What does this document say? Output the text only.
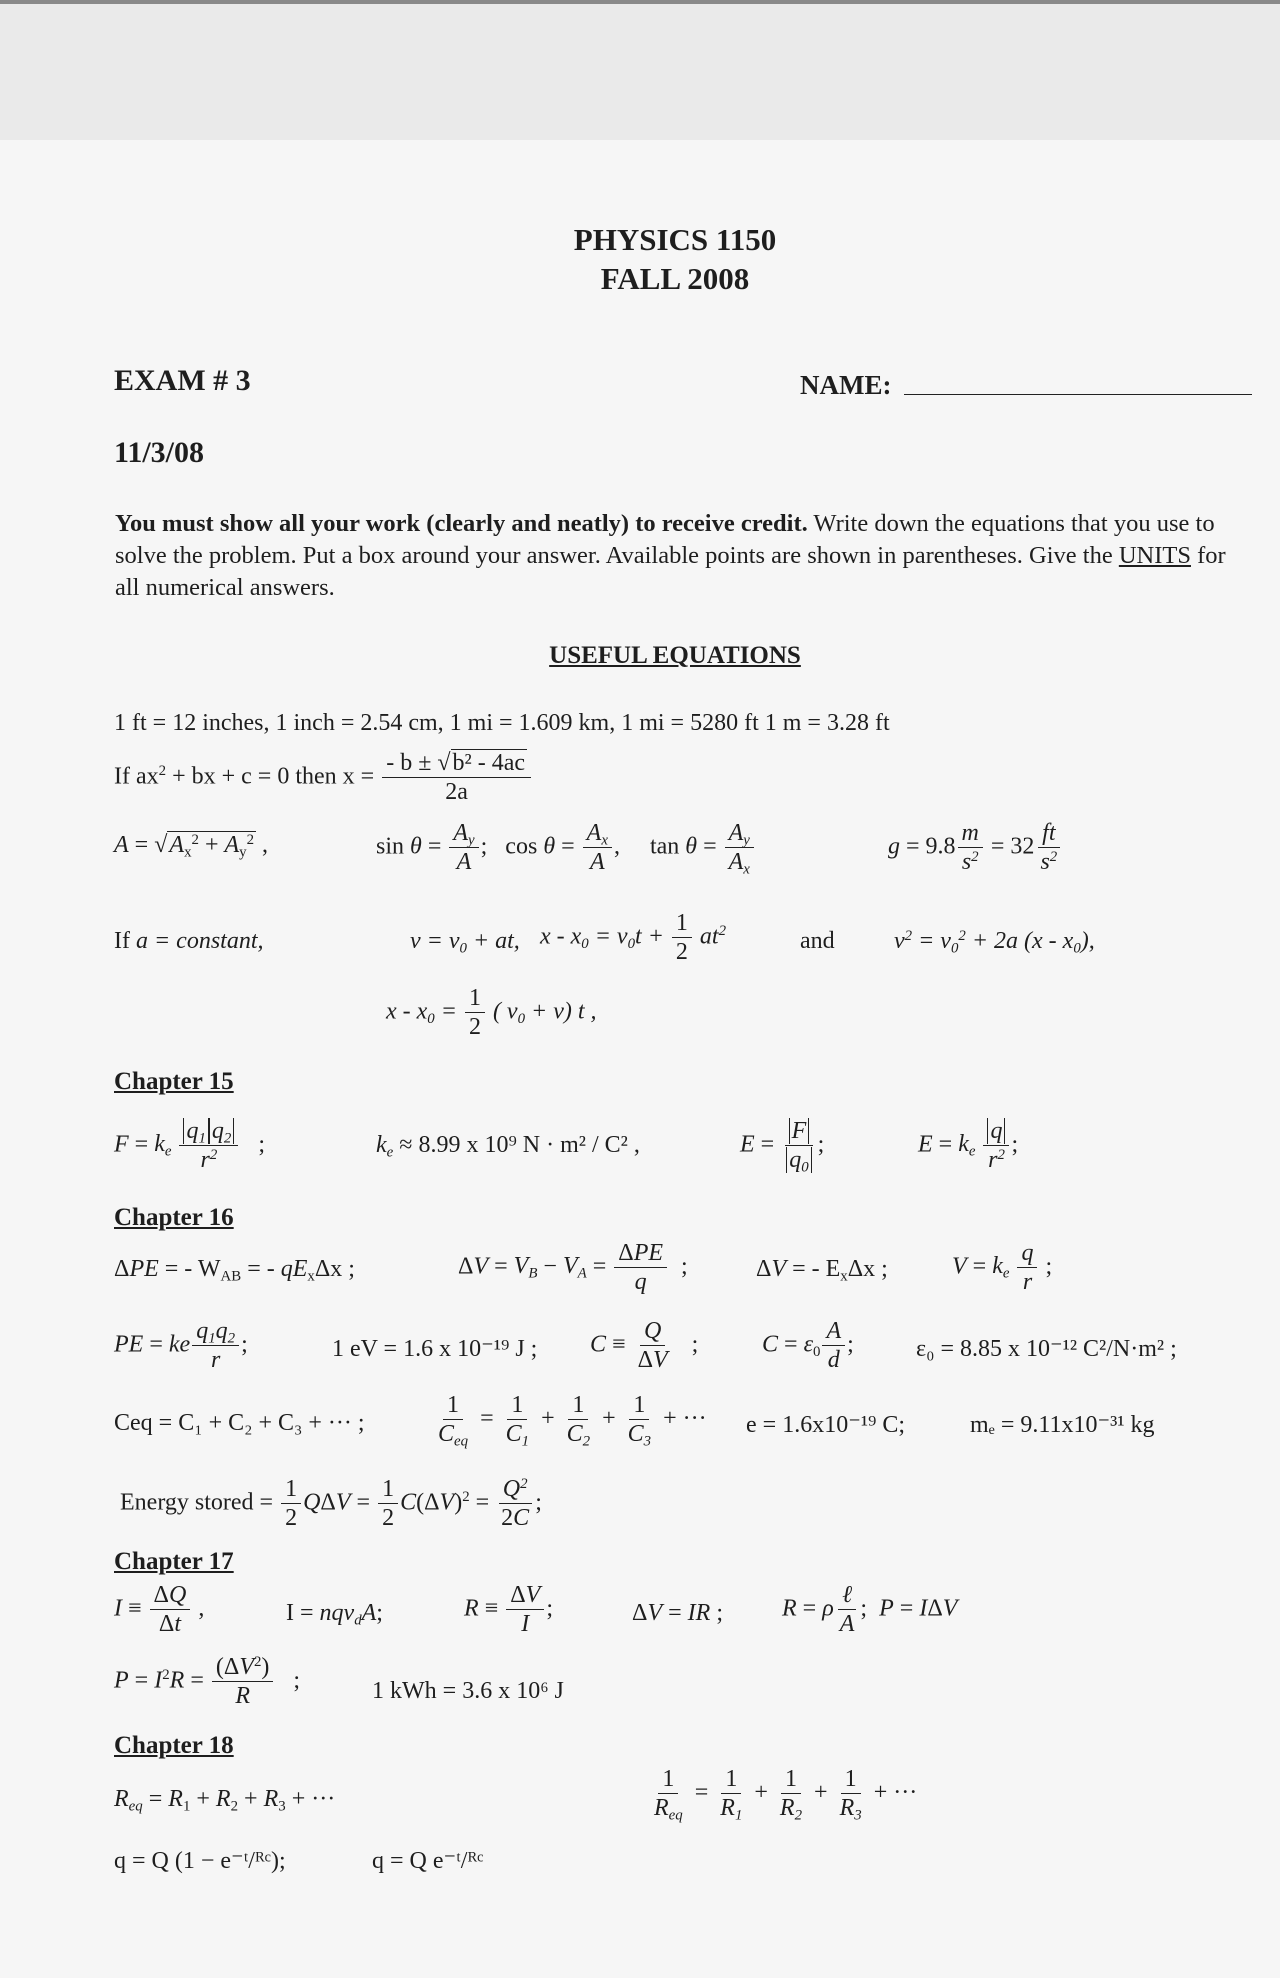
PHYSICS 1150
FALL 2008
EXAM # 3	NAME:
11/3/08
You must show all your work (clearly and neatly) to receive credit. Write down the equations that you use to solve the problem. Put a box around your answer. Available points are shown in parentheses. Give the UNITS for all numerical answers.
USEFUL EQUATIONS
1 ft = 12 inches, 1 inch = 2.54 cm, 1 mi = 1.609 km, 1 mi = 5280 ft 1 m = 3.28 ft
If $ax^2$ + bx + c = 0 then $x = \frac{\text{- b ± √b² - 4ac}}{2a}$
$A = √A_x^2 + A_y^2$ ,	$\sin \theta = \frac{A_y}{A}$ ;   $\cos \theta = \frac{A_x}{A}$ ,     $\tan \theta = \frac{A_y}{A_x}$	$g = 9.8 \frac{m}{s^2} = 32 \frac{ft}{s^2}$
If a = constant,	$v = v_0$ + at, $x - x_0 = v_0t + \frac{1}{2} at^2$	and $v^2 = v_0^2 + 2a$ $(x - x_0)$,
$x - x_0 = \frac{1}{2}$ ( $v_0 + v$) t ,
Chapter 15
$F = k_e \frac{q_1 q_2}{r^2}$ ;	$k_e \approx 8.99$ x 10⁹ N · m² / C² ,	$E = \frac{F}{q_0}$ ;	$E = k_e \frac{q}{r^2}$ ;
Chapter 16
ΔPE = - $W_{AB}$ = - $qE_x\Delta x$ ;	$\Delta V = V_B - V_A = \frac{\text{ΔPE}}{q}$ ;	ΔV = - $E_x\Delta x$ ;	$V = k_e \frac{q}{r}$ ;
PE = ke $\frac{q_1q_2}{r}$ ;	1 eV = 1.6 x 10⁻¹⁹ J ; $C \equiv \frac{Q}{\Delta V}$ ;	$C = \varepsilon_0 \frac{A}{d}$ ;	ε₀ = 8.85 x 10⁻¹² C²/N·m² ;
Ceq = C₁ + C₂ + C₃ + ··· ;	$\frac{1}{C_{eq}} = \frac{1}{C_1} + \frac{1}{C_2} + \frac{1}{C_3}$ + ··· e = 1.6x10⁻¹⁹ C;	mₑ = 9.11x10⁻³¹ kg
Energy stored = $\frac{1}{2}$ $Q\Delta V = \frac{1}{2} C(\Delta V)^2 = \frac{Q^2}{2C}$ ;
Chapter 17
$I \equiv \frac{\Delta Q}{\Delta t}$ ,	I = nqv$_d$A;	$R \equiv \frac{\Delta V}{I}$ ;	ΔV = IR ; R = ρ $\frac{\text{ℓ}}{A}$ ;  P = IΔV
$P = I^2R = \frac{(\Delta V^2)}{R}$ ;	1 kWh = 3.6 x 10⁶ J
Chapter 18
$R_{eq} = R_1 + R_2 + R_3$ + ···	$\frac{1}{R_{eq}} = \frac{1}{R_1} + \frac{1}{R_2} + \frac{1}{R_3}$ + ···
q = Q (1 − e⁻ᵗ/ᴿᶜ);	q = Q e⁻ᵗ/ᴿᶜ
